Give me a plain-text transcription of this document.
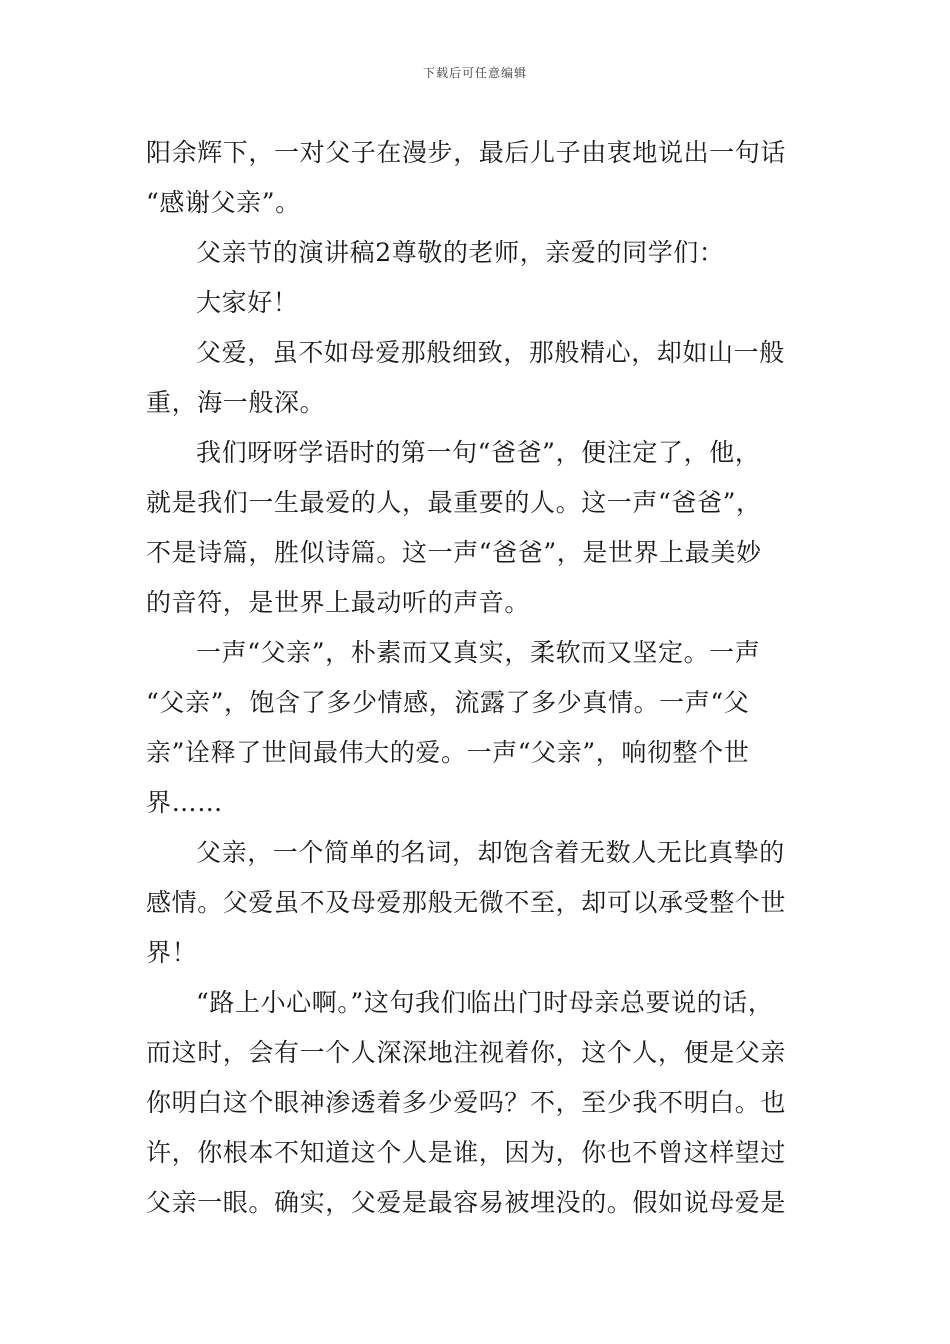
下载后可任意编辑
阳余辉下，一对父子在漫步，最后儿子由衷地说出一句话
“感谢父亲”。
父亲节的演讲稿2尊敬的老师，亲爱的同学们：
大家好！
父爱，虽不如母爱那般细致，那般精心，却如山一般
重，海一般深。
我们呀呀学语时的第一句“爸爸”，便注定了，他，
就是我们一生最爱的人，最重要的人。这一声“爸爸”，
不是诗篇，胜似诗篇。这一声“爸爸”，是世界上最美妙
的音符，是世界上最动听的声音。
一声“父亲”，朴素而又真实，柔软而又坚定。一声
“父亲”，饱含了多少情感，流露了多少真情。一声“父
亲”诠释了世间最伟大的爱。一声“父亲”，响彻整个世
界……
父亲，一个简单的名词，却饱含着无数人无比真挚的
感情。父爱虽不及母爱那般无微不至，却可以承受整个世
界！
“路上小心啊。”这句我们临出门时母亲总要说的话，
而这时，会有一个人深深地注视着你，这个人，便是父亲
你明白这个眼神渗透着多少爱吗？不，至少我不明白。也
许，你根本不知道这个人是谁，因为，你也不曾这样望过
父亲一眼。确实，父爱是最容易被埋没的。假如说母爱是
